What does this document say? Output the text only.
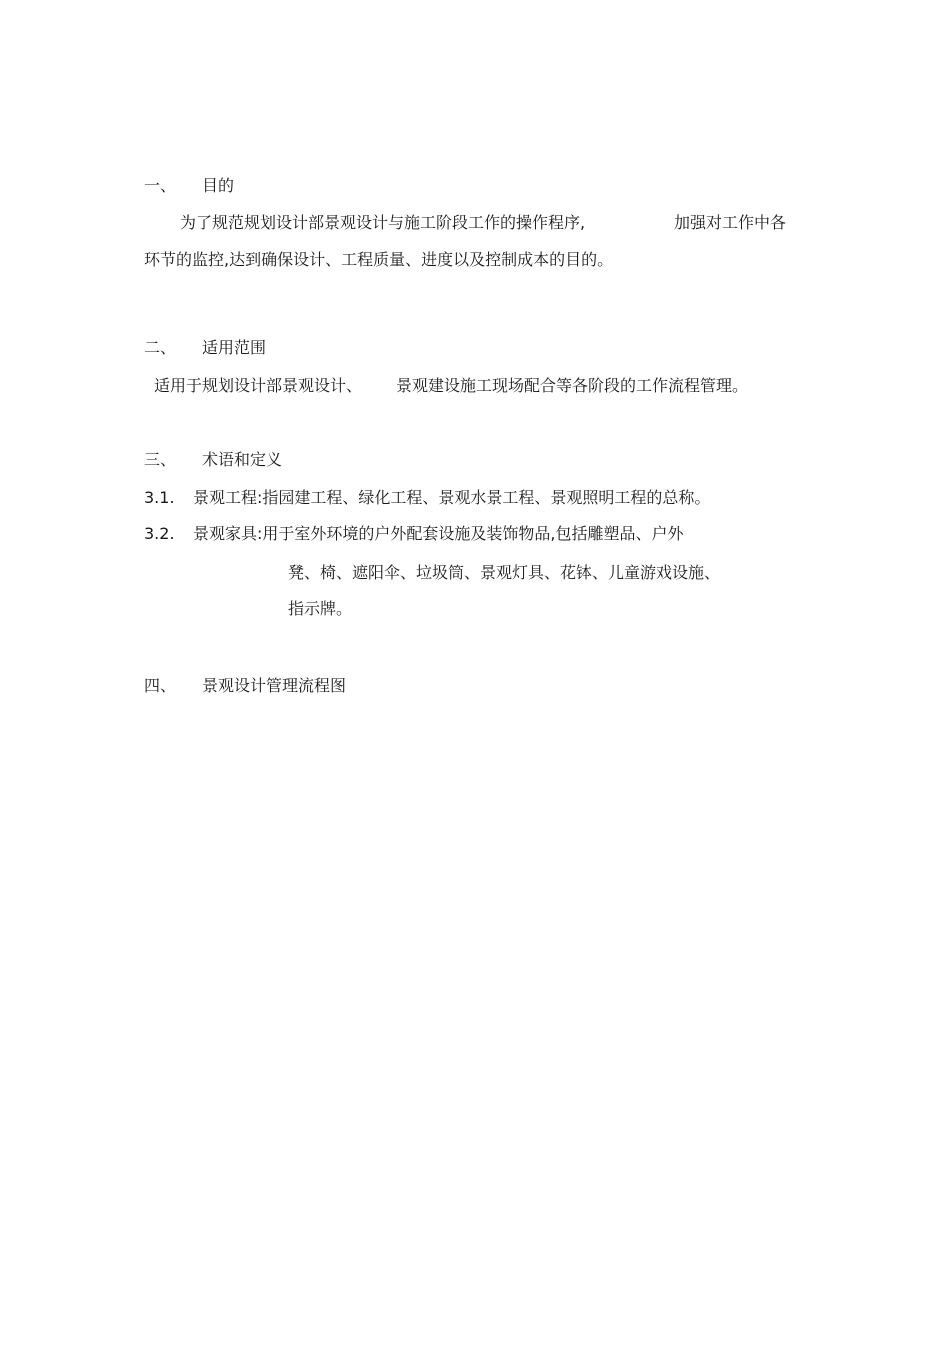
一、 目的
为了规范规划设计部景观设计与施工阶段工作的操作程序,	加强对工作中各
环节的监控,达到确保设计、工程质量、进度以及控制成本的目的。
二、 适用范围
适用于规划设计部景观设计、 景观建设施工现场配合等各阶段的工作流程管理。
三、 术语和定义
3.1. 景观工程:指园建工程、绿化工程、景观水景工程、景观照明工程的总称。
3.2. 景观家具:用于室外环境的户外配套设施及装饰物品,包括雕塑品、户外
凳、椅、遮阳伞、垃圾筒、景观灯具、花钵、儿童游戏设施、
指示牌。
四、 景观设计管理流程图
